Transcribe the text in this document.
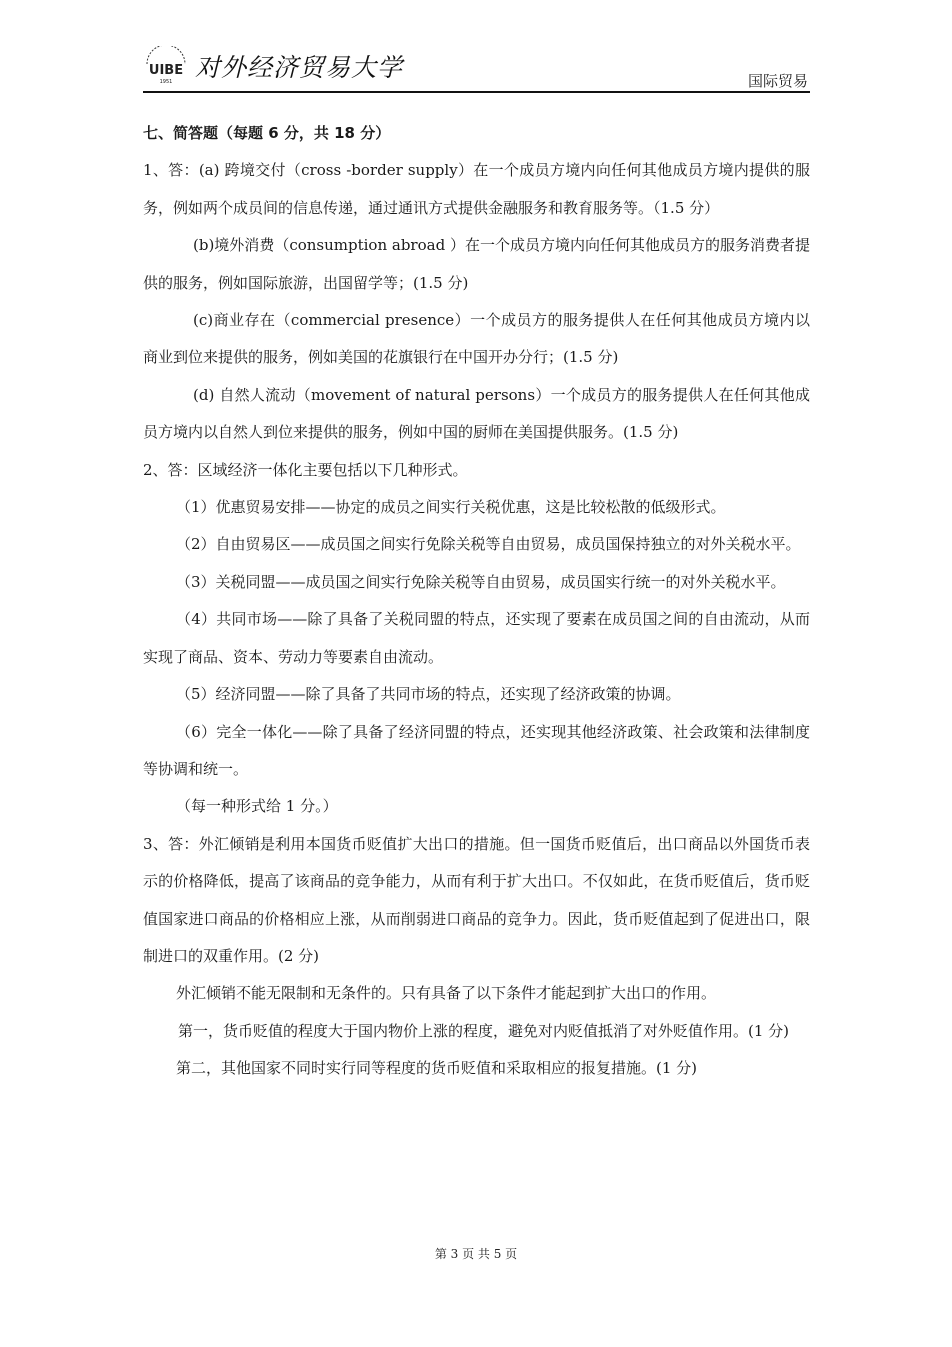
UIBE
1951 对外经济贸易大学	国际贸易

七、简答题（每题 6 分，共 18 分）

1、答：(a) 跨境交付（cross -border supply）在一个成员方境内向任何其他成员方境内提供的服务，例如两个成员间的信息传递，通过通讯方式提供金融服务和教育服务等。（1.5 分）

(b)境外消费（consumption abroad ）在一个成员方境内向任何其他成员方的服务消费者提供的服务，例如国际旅游，出国留学等；(1.5 分)

(c)商业存在（commercial presence）一个成员方的服务提供人在任何其他成员方境内以商业到位来提供的服务，例如美国的花旗银行在中国开办分行；(1.5 分)

(d) 自然人流动（movement of natural persons）一个成员方的服务提供人在任何其他成员方境内以自然人到位来提供的服务，例如中国的厨师在美国提供服务。(1.5 分)

2、答：区域经济一体化主要包括以下几种形式。

（1）优惠贸易安排——协定的成员之间实行关税优惠，这是比较松散的低级形式。

（2）自由贸易区——成员国之间实行免除关税等自由贸易，成员国保持独立的对外关税水平。

（3）关税同盟——成员国之间实行免除关税等自由贸易，成员国实行统一的对外关税水平。

（4）共同市场——除了具备了关税同盟的特点，还实现了要素在成员国之间的自由流动，从而实现了商品、资本、劳动力等要素自由流动。

（5）经济同盟——除了具备了共同市场的特点，还实现了经济政策的协调。

（6）完全一体化——除了具备了经济同盟的特点，还实现其他经济政策、社会政策和法律制度等协调和统一。

（每一种形式给 1 分。）

3、答：外汇倾销是利用本国货币贬值扩大出口的措施。但一国货币贬值后，出口商品以外国货币表示的价格降低，提高了该商品的竞争能力，从而有利于扩大出口。不仅如此，在货币贬值后，货币贬值国家进口商品的价格相应上涨，从而削弱进口商品的竞争力。因此，货币贬值起到了促进出口，限制进口的双重作用。(2 分)

外汇倾销不能无限制和无条件的。只有具备了以下条件才能起到扩大出口的作用。

第一，货币贬值的程度大于国内物价上涨的程度，避免对内贬值抵消了对外贬值作用。(1 分)

第二，其他国家不同时实行同等程度的货币贬值和采取相应的报复措施。(1 分)

第 3 页 共 5 页
